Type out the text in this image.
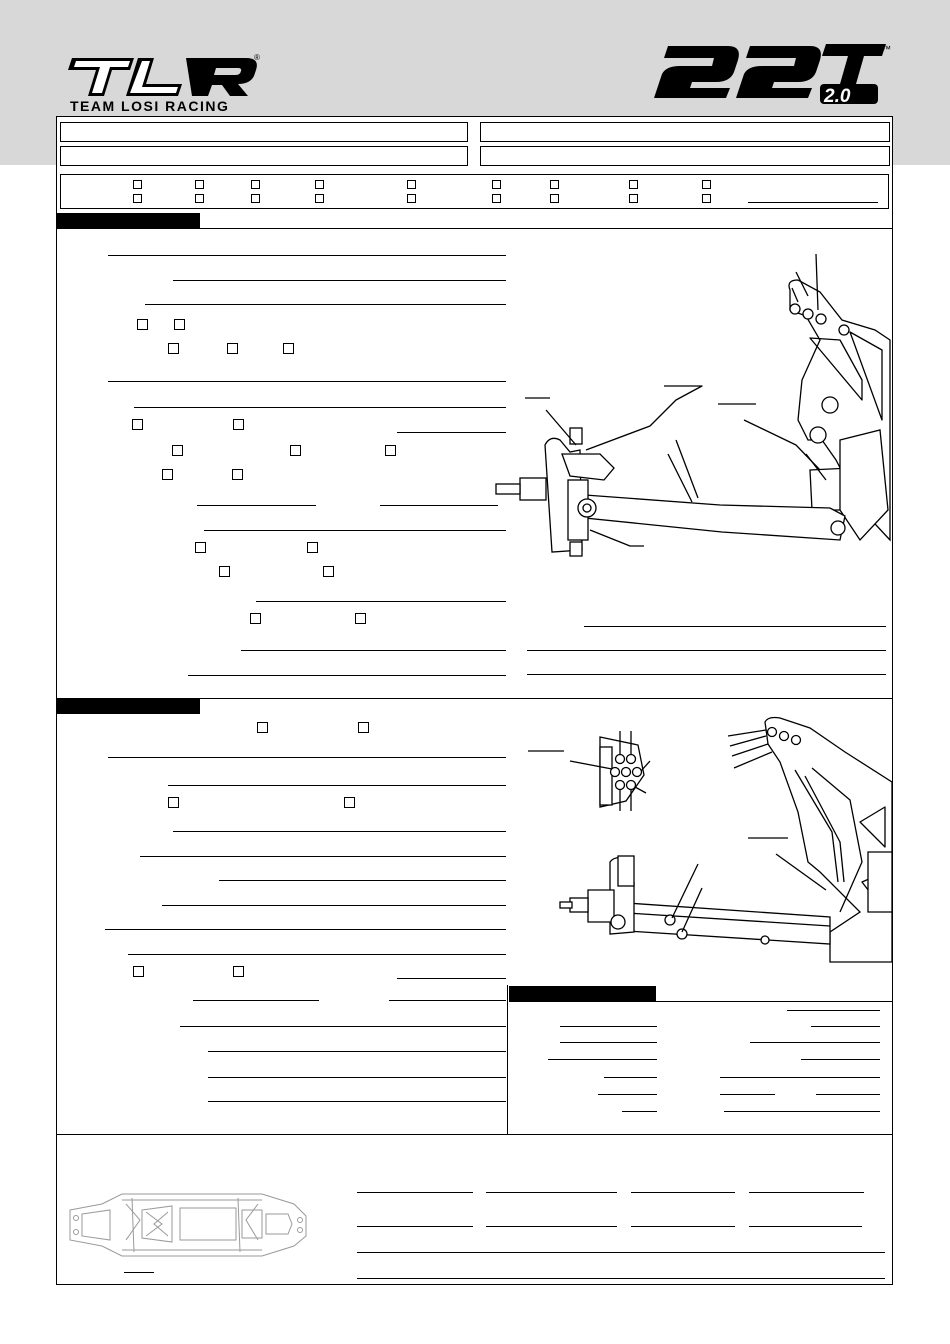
®
TEAM LOSI RACING	2.0
™
